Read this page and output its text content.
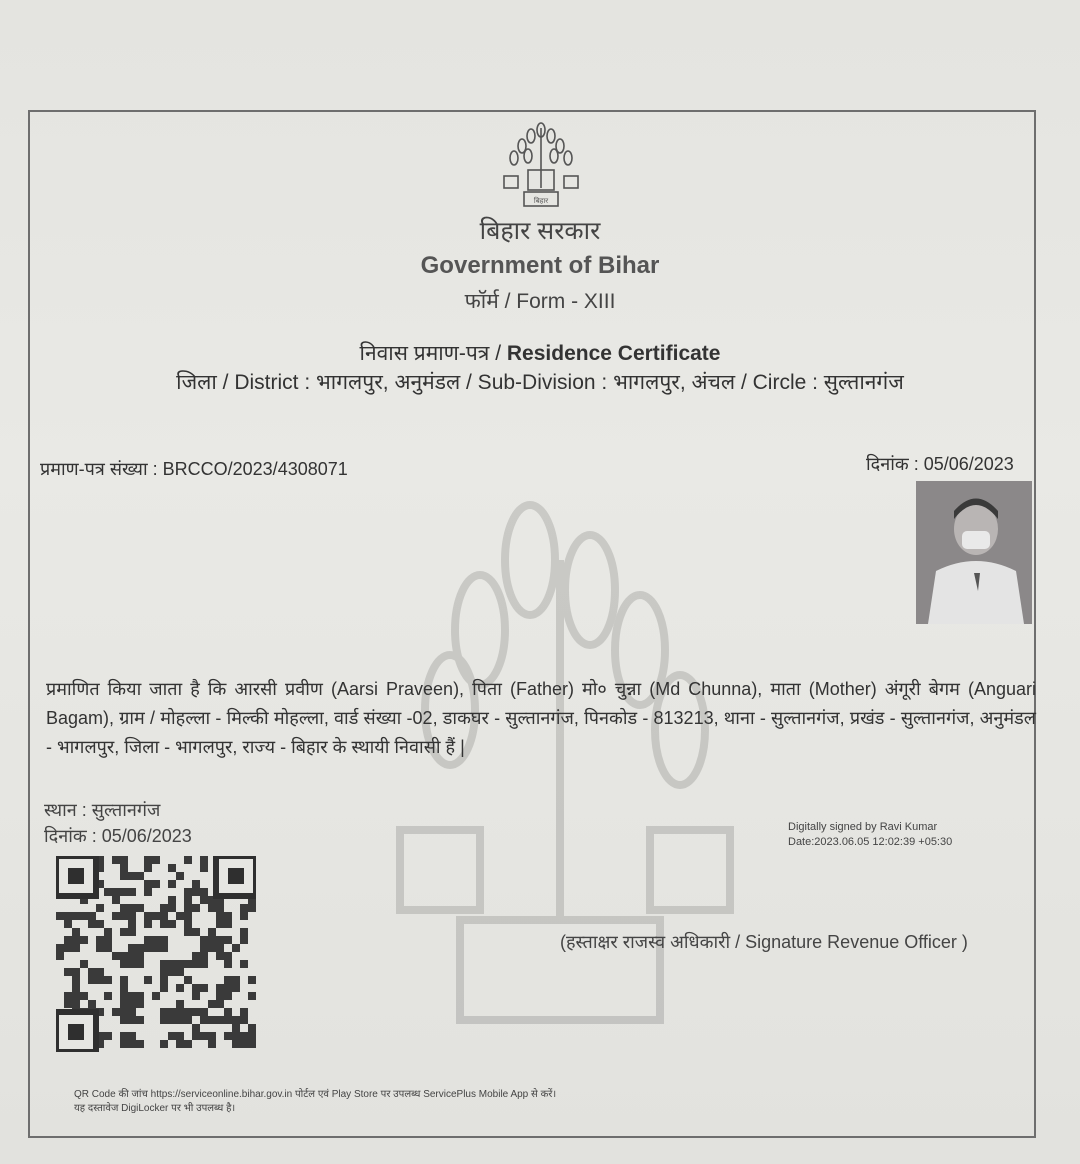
बिहार
बिहार सरकार
Government of Bihar
फॉर्म / Form - XIII
निवास प्रमाण-पत्र / Residence Certificate
जिला / District : भागलपुर, अनुमंडल / Sub-Division : भागलपुर, अंचल / Circle : सुल्तानगंज
प्रमाण-पत्र संख्या : BRCCO/2023/4308071	दिनांक : 05/06/2023
प्रमाणित किया जाता है कि आरसी प्रवीण (Aarsi Praveen), पिता (Father) मो० चुन्ना (Md Chunna), माता (Mother) अंगूरी बेगम (Anguari Bagam), ग्राम / मोहल्ला - मिल्की मोहल्ला, वार्ड संख्या -02, डाकघर - सुल्तानगंज, पिनकोड - 813213, थाना - सुल्तानगंज, प्रखंड - सुल्तानगंज, अनुमंडल - भागलपुर, जिला - भागलपुर, राज्य - बिहार के स्थायी निवासी हैं |
स्थान : सुल्तानगंज
दिनांक : 05/06/2023	Digitally signed by Ravi Kumar
Date:2023.06.05 12:02:39 +05:30
(हस्ताक्षर राजस्व अधिकारी / Signature Revenue Officer )
QR Code की जांच https://serviceonline.bihar.gov.in पोर्टल एवं Play Store पर उपलब्ध ServicePlus Mobile App से करें।
यह दस्तावेज DigiLocker पर भी उपलब्ध है।
